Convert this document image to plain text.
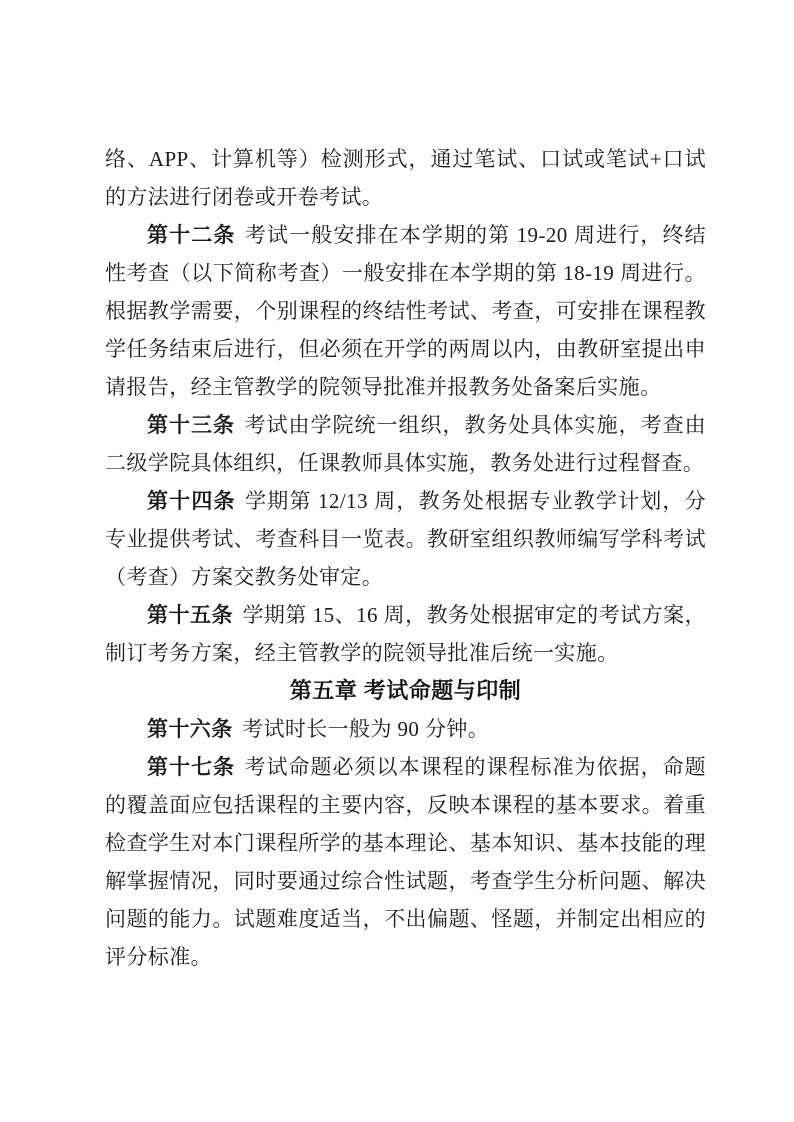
络、APP、计算机等）检测形式，通过笔试、口试或笔试+口试的方法进行闭卷或开卷考试。

第十二条 考试一般安排在本学期的第 19-20 周进行，终结性考查（以下简称考查）一般安排在本学期的第 18-19 周进行。根据教学需要，个别课程的终结性考试、考查，可安排在课程教学任务结束后进行，但必须在开学的两周以内，由教研室提出申请报告，经主管教学的院领导批准并报教务处备案后实施。

第十三条 考试由学院统一组织，教务处具体实施，考查由二级学院具体组织，任课教师具体实施，教务处进行过程督查。

第十四条 学期第 12/13 周，教务处根据专业教学计划，分专业提供考试、考查科目一览表。教研室组织教师编写学科考试（考查）方案交教务处审定。

第十五条 学期第 15、16 周，教务处根据审定的考试方案，制订考务方案，经主管教学的院领导批准后统一实施。

第五章 考试命题与印制

第十六条 考试时长一般为 90 分钟。

第十七条 考试命题必须以本课程的课程标准为依据，命题的覆盖面应包括课程的主要内容，反映本课程的基本要求。着重检查学生对本门课程所学的基本理论、基本知识、基本技能的理解掌握情况，同时要通过综合性试题，考查学生分析问题、解决问题的能力。试题难度适当，不出偏题、怪题，并制定出相应的评分标准。
